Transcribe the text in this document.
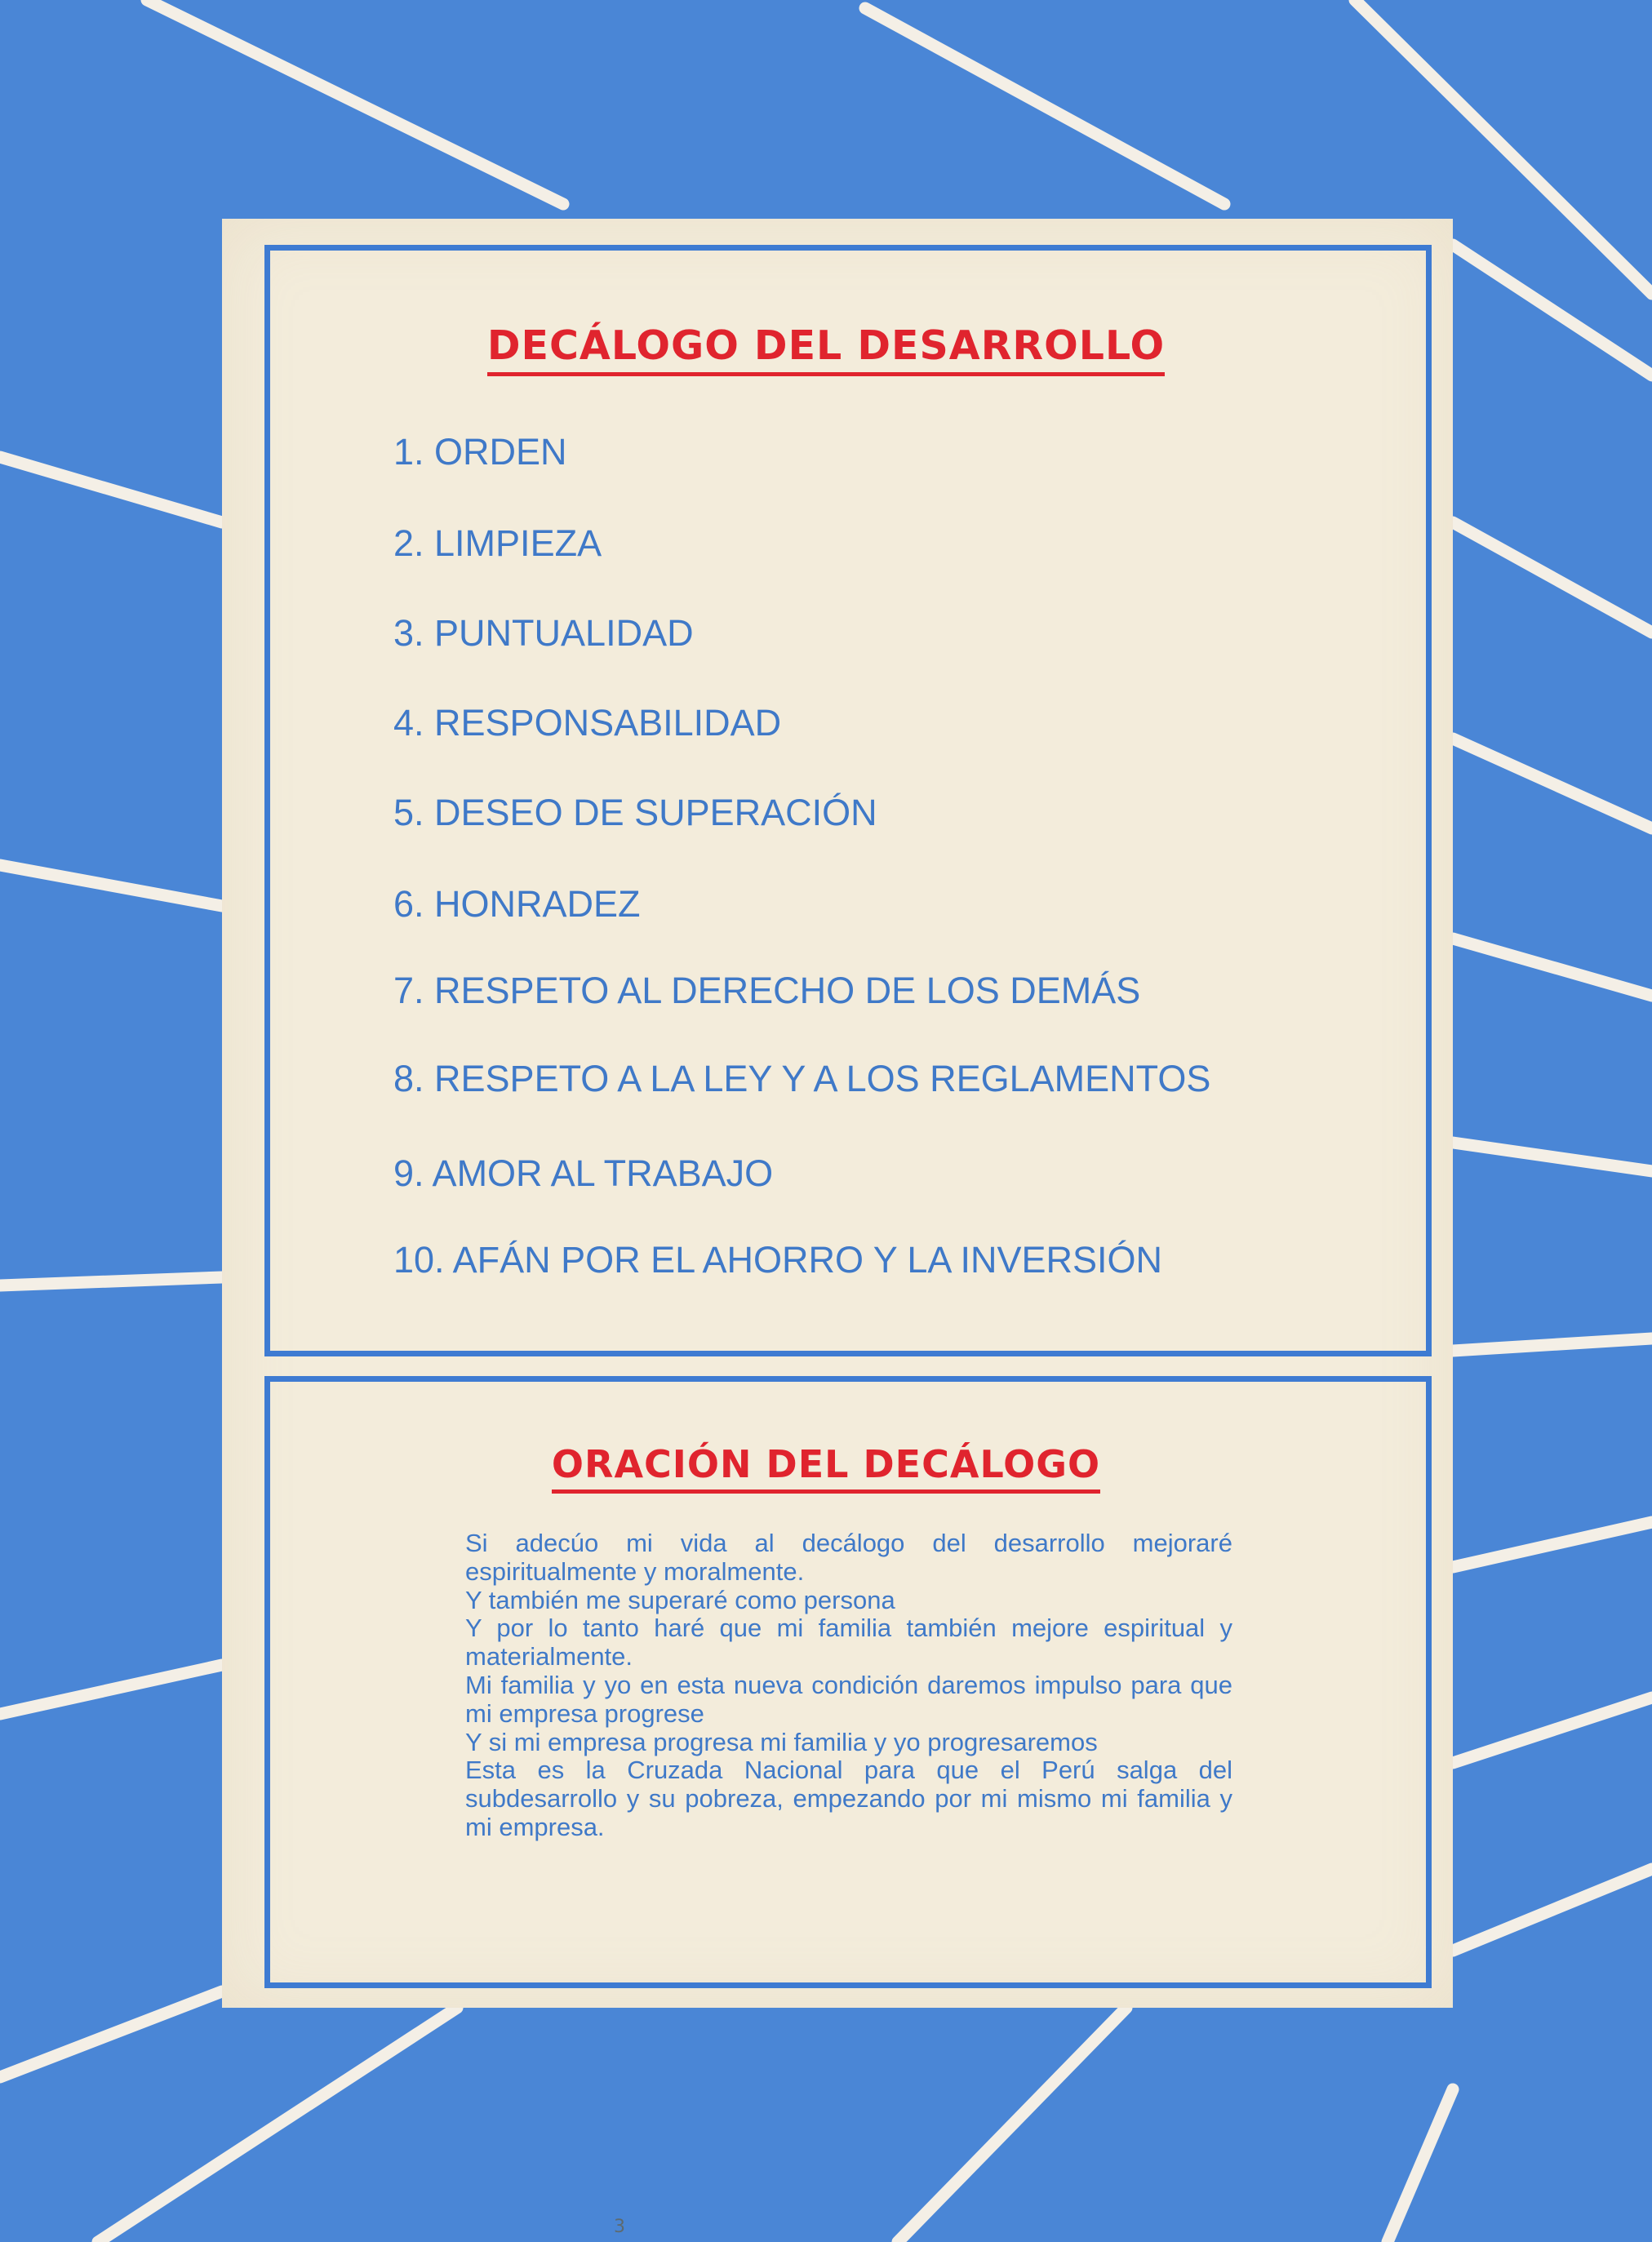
DECÁLOGO DEL DESARROLLO
1. ORDEN
2. LIMPIEZA
3. PUNTUALIDAD
4. RESPONSABILIDAD
5. DESEO DE SUPERACIÓN
6. HONRADEZ
7. RESPETO AL DERECHO DE LOS DEMÁS
8. RESPETO A LA LEY Y A LOS REGLAMENTOS
9. AMOR AL TRABAJO
10. AFÁN POR EL AHORRO Y LA INVERSIÓN
ORACIÓN DEL DECÁLOGO

Si adecúo mi vida al decálogo del desarrollo mejoraré espiritualmente y moralmente.

Y también me superaré como persona

Y por lo tanto haré que mi familia también mejore espiritual y materialmente.

Mi familia y yo en esta nueva condición daremos impulso para que mi empresa progrese

Y si mi empresa progresa mi familia y yo progresaremos

Esta es la Cruzada Nacional para que el Perú salga del subdesarrollo y su pobreza, empezando por mi mismo mi familia y mi empresa.

3
